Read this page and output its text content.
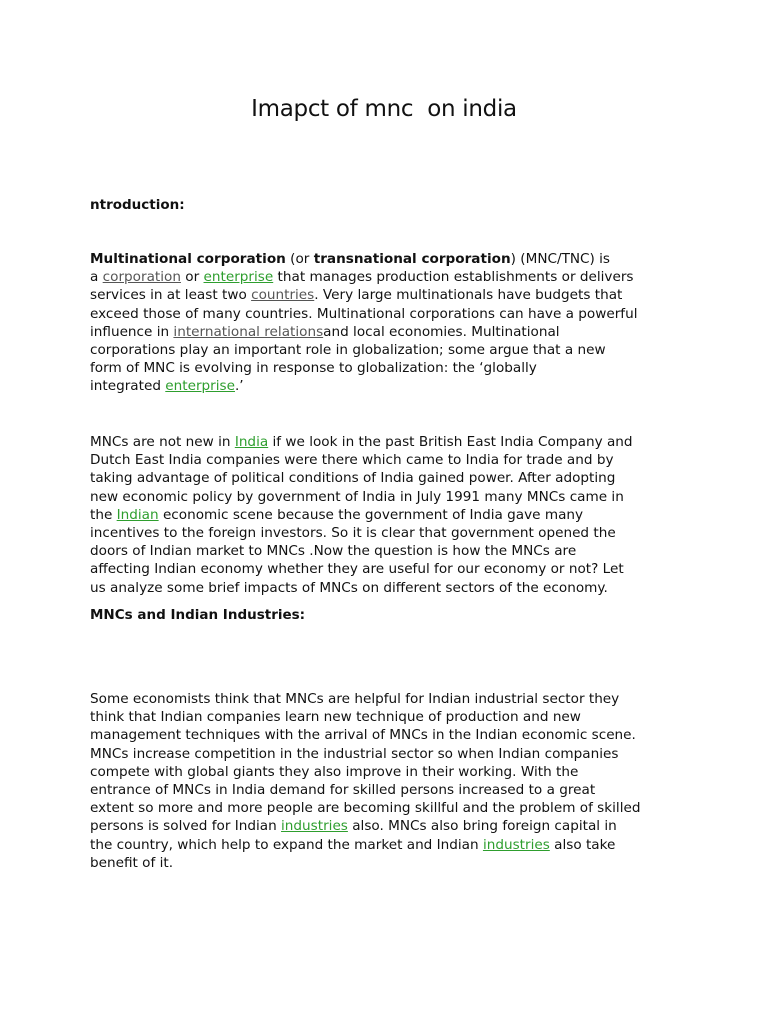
Imapct of mnc  on india
ntroduction:
Multinational corporation (or transnational corporation) (MNC/TNC) is
a corporation or enterprise that manages production establishments or delivers
services in at least two countries. Very large multinationals have budgets that
exceed those of many countries. Multinational corporations can have a powerful
influence in international relationsand local economies. Multinational
corporations play an important role in globalization; some argue that a new
form of MNC is evolving in response to globalization: the ‘globally
integrated enterprise.’
MNCs are not new in India if we look in the past British East India Company and
Dutch East India companies were there which came to India for trade and by
taking advantage of political conditions of India gained power. After adopting
new economic policy by government of India in July 1991 many MNCs came in
the Indian economic scene because the government of India gave many
incentives to the foreign investors. So it is clear that government opened the
doors of Indian market to MNCs .Now the question is how the MNCs are
affecting Indian economy whether they are useful for our economy or not? Let
us analyze some brief impacts of MNCs on different sectors of the economy.
MNCs and Indian Industries:
Some economists think that MNCs are helpful for Indian industrial sector they
think that Indian companies learn new technique of production and new
management techniques with the arrival of MNCs in the Indian economic scene.
MNCs increase competition in the industrial sector so when Indian companies
compete with global giants they also improve in their working. With the
entrance of MNCs in India demand for skilled persons increased to a great
extent so more and more people are becoming skillful and the problem of skilled
persons is solved for Indian industries also. MNCs also bring foreign capital in
the country, which help to expand the market and Indian industries also take
benefit of it.
